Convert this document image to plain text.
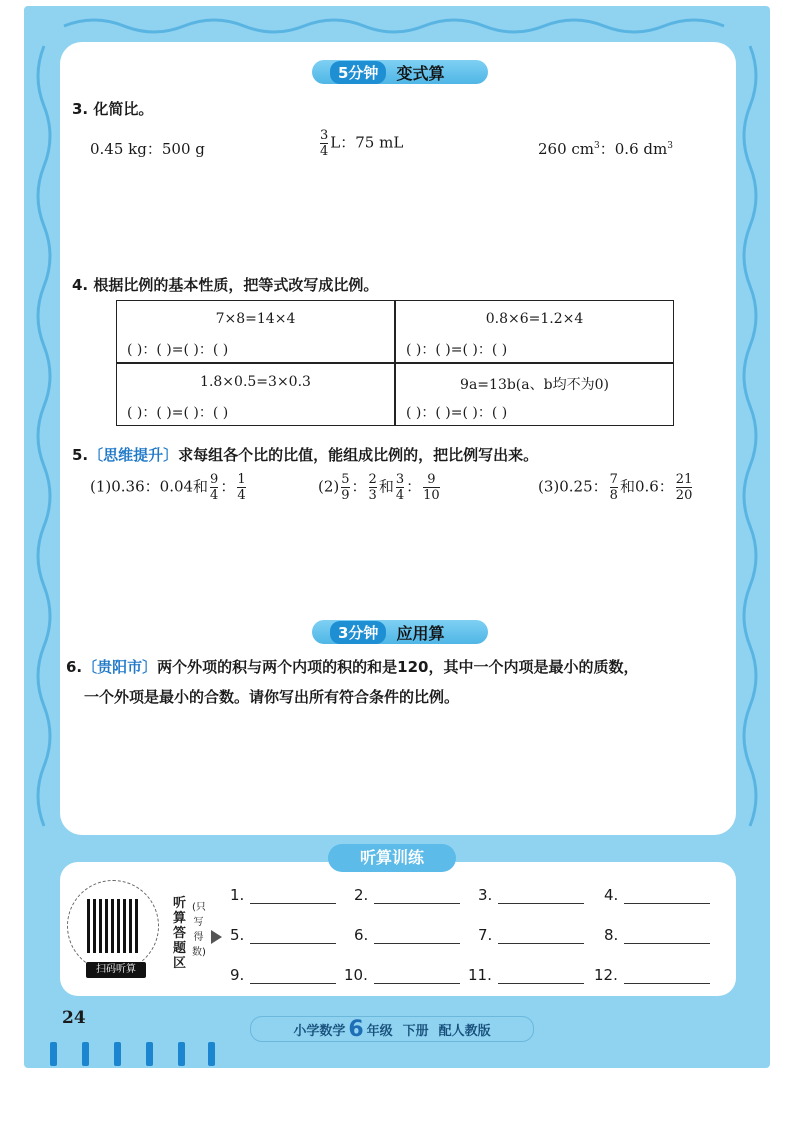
5分钟	变式算
3. 化简比。
0.45 kg：500 g	$\frac{3}{4}$ L：75 mL	260 $cm^3$：0.6 $dm^3$
4. 根据比例的基本性质，把等式改写成比例。
7×8=14×4
( )：( )=( )：( )
0.8×6=1.2×4
( )：( )=( )：( )
1.8×0.5=3×0.3
( )：( )=( )：( )
9a=13b(a、b均不为0)
( )：( )=( )：( )
5.〔思维提升〕求每组各个比的比值，能组成比例的，把比例写出来。
(1)0.36：0.04和 $\frac{9}{4}$ ： $\frac{1}{4}$	$(2) \frac{5}{9}$ ： $\frac{2}{3}$ 和 $\frac{3}{4}$ ： $\frac{9}{10}$	(3)0.25： $\frac{7}{8}$ 和0.6： $\frac{21}{20}$
3分钟	应用算
6.〔贵阳市〕两个外项的积与两个内项的积的和是120，其中一个内项是最小的质数，
一个外项是最小的合数。请你写出所有符合条件的比例。
听算训练
扫码听算
听算答题区
(只写得数)
1.	2.	3.	4.
5.	6.	7.	8.
9.	10.	11.	12.
24
小学数学 6 年级 下册 配人教版
